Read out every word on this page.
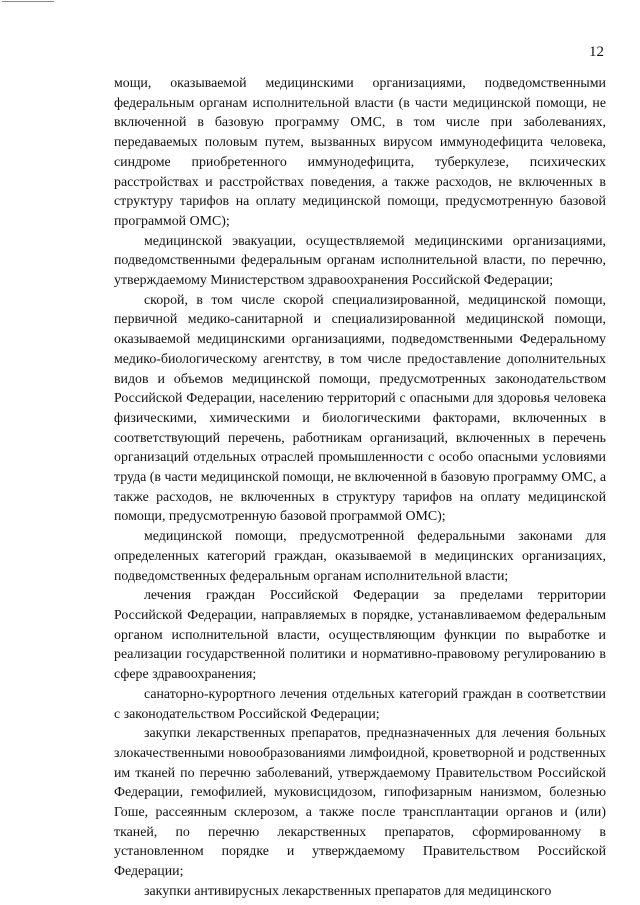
12

мощи, оказываемой медицинскими организациями, подведомственными федеральным органам исполнительной власти (в части медицинской помощи, не включенной в базовую программу ОМС, в том числе при заболеваниях, передаваемых половым путем, вызванных вирусом иммунодефицита человека, синдроме приобретенного иммунодефицита, туберкулезе, психических расстройствах и расстройствах поведения, а также расходов, не включенных в структуру тарифов на оплату медицинской помощи, предусмотренную базовой программой ОМС);

медицинской эвакуации, осуществляемой медицинскими организациями, подведомственными федеральным органам исполнительной власти, по перечню, утверждаемому Министерством здравоохранения Российской Федерации;

скорой, в том числе скорой специализированной, медицинской помощи, первичной медико-санитарной и специализированной медицинской помощи, оказываемой медицинскими организациями, подведомственными Федеральному медико-биологическому агентству, в том числе предоставление дополнительных видов и объемов медицинской помощи, предусмотренных законодательством Российской Федерации, населению территорий с опасными для здоровья человека физическими, химическими и биологическими факторами, включенных в соответствующий перечень, работникам организаций, включенных в перечень организаций отдельных отраслей промышленности с особо опасными условиями труда (в части медицинской помощи, не включенной в базовую программу ОМС, а также расходов, не включенных в структуру тарифов на оплату медицинской помощи, предусмотренную базовой программой ОМС);

медицинской помощи, предусмотренной федеральными законами для определенных категорий граждан, оказываемой в медицинских организациях, подведомственных федеральным органам исполнительной власти;

лечения граждан Российской Федерации за пределами территории Российской Федерации, направляемых в порядке, устанавливаемом федеральным органом исполнительной власти, осуществляющим функции по выработке и реализации государственной политики и нормативно-правовому регулированию в сфере здравоохранения;

санаторно-курортного лечения отдельных категорий граждан в соответствии с законодательством Российской Федерации;

закупки лекарственных препаратов, предназначенных для лечения больных злокачественными новообразованиями лимфоидной, кроветворной и родственных им тканей по перечню заболеваний, утверждаемому Правительством Российской Федерации, гемофилией, муковисцидозом, гипофизарным нанизмом, болезнью Гоше, рассеянным склерозом, а также после трансплантации органов и (или) тканей, по перечню лекарственных препаратов, сформированному в установленном порядке и утверждаемому Правительством Российской Федерации;

закупки антивирусных лекарственных препаратов для медицинского
